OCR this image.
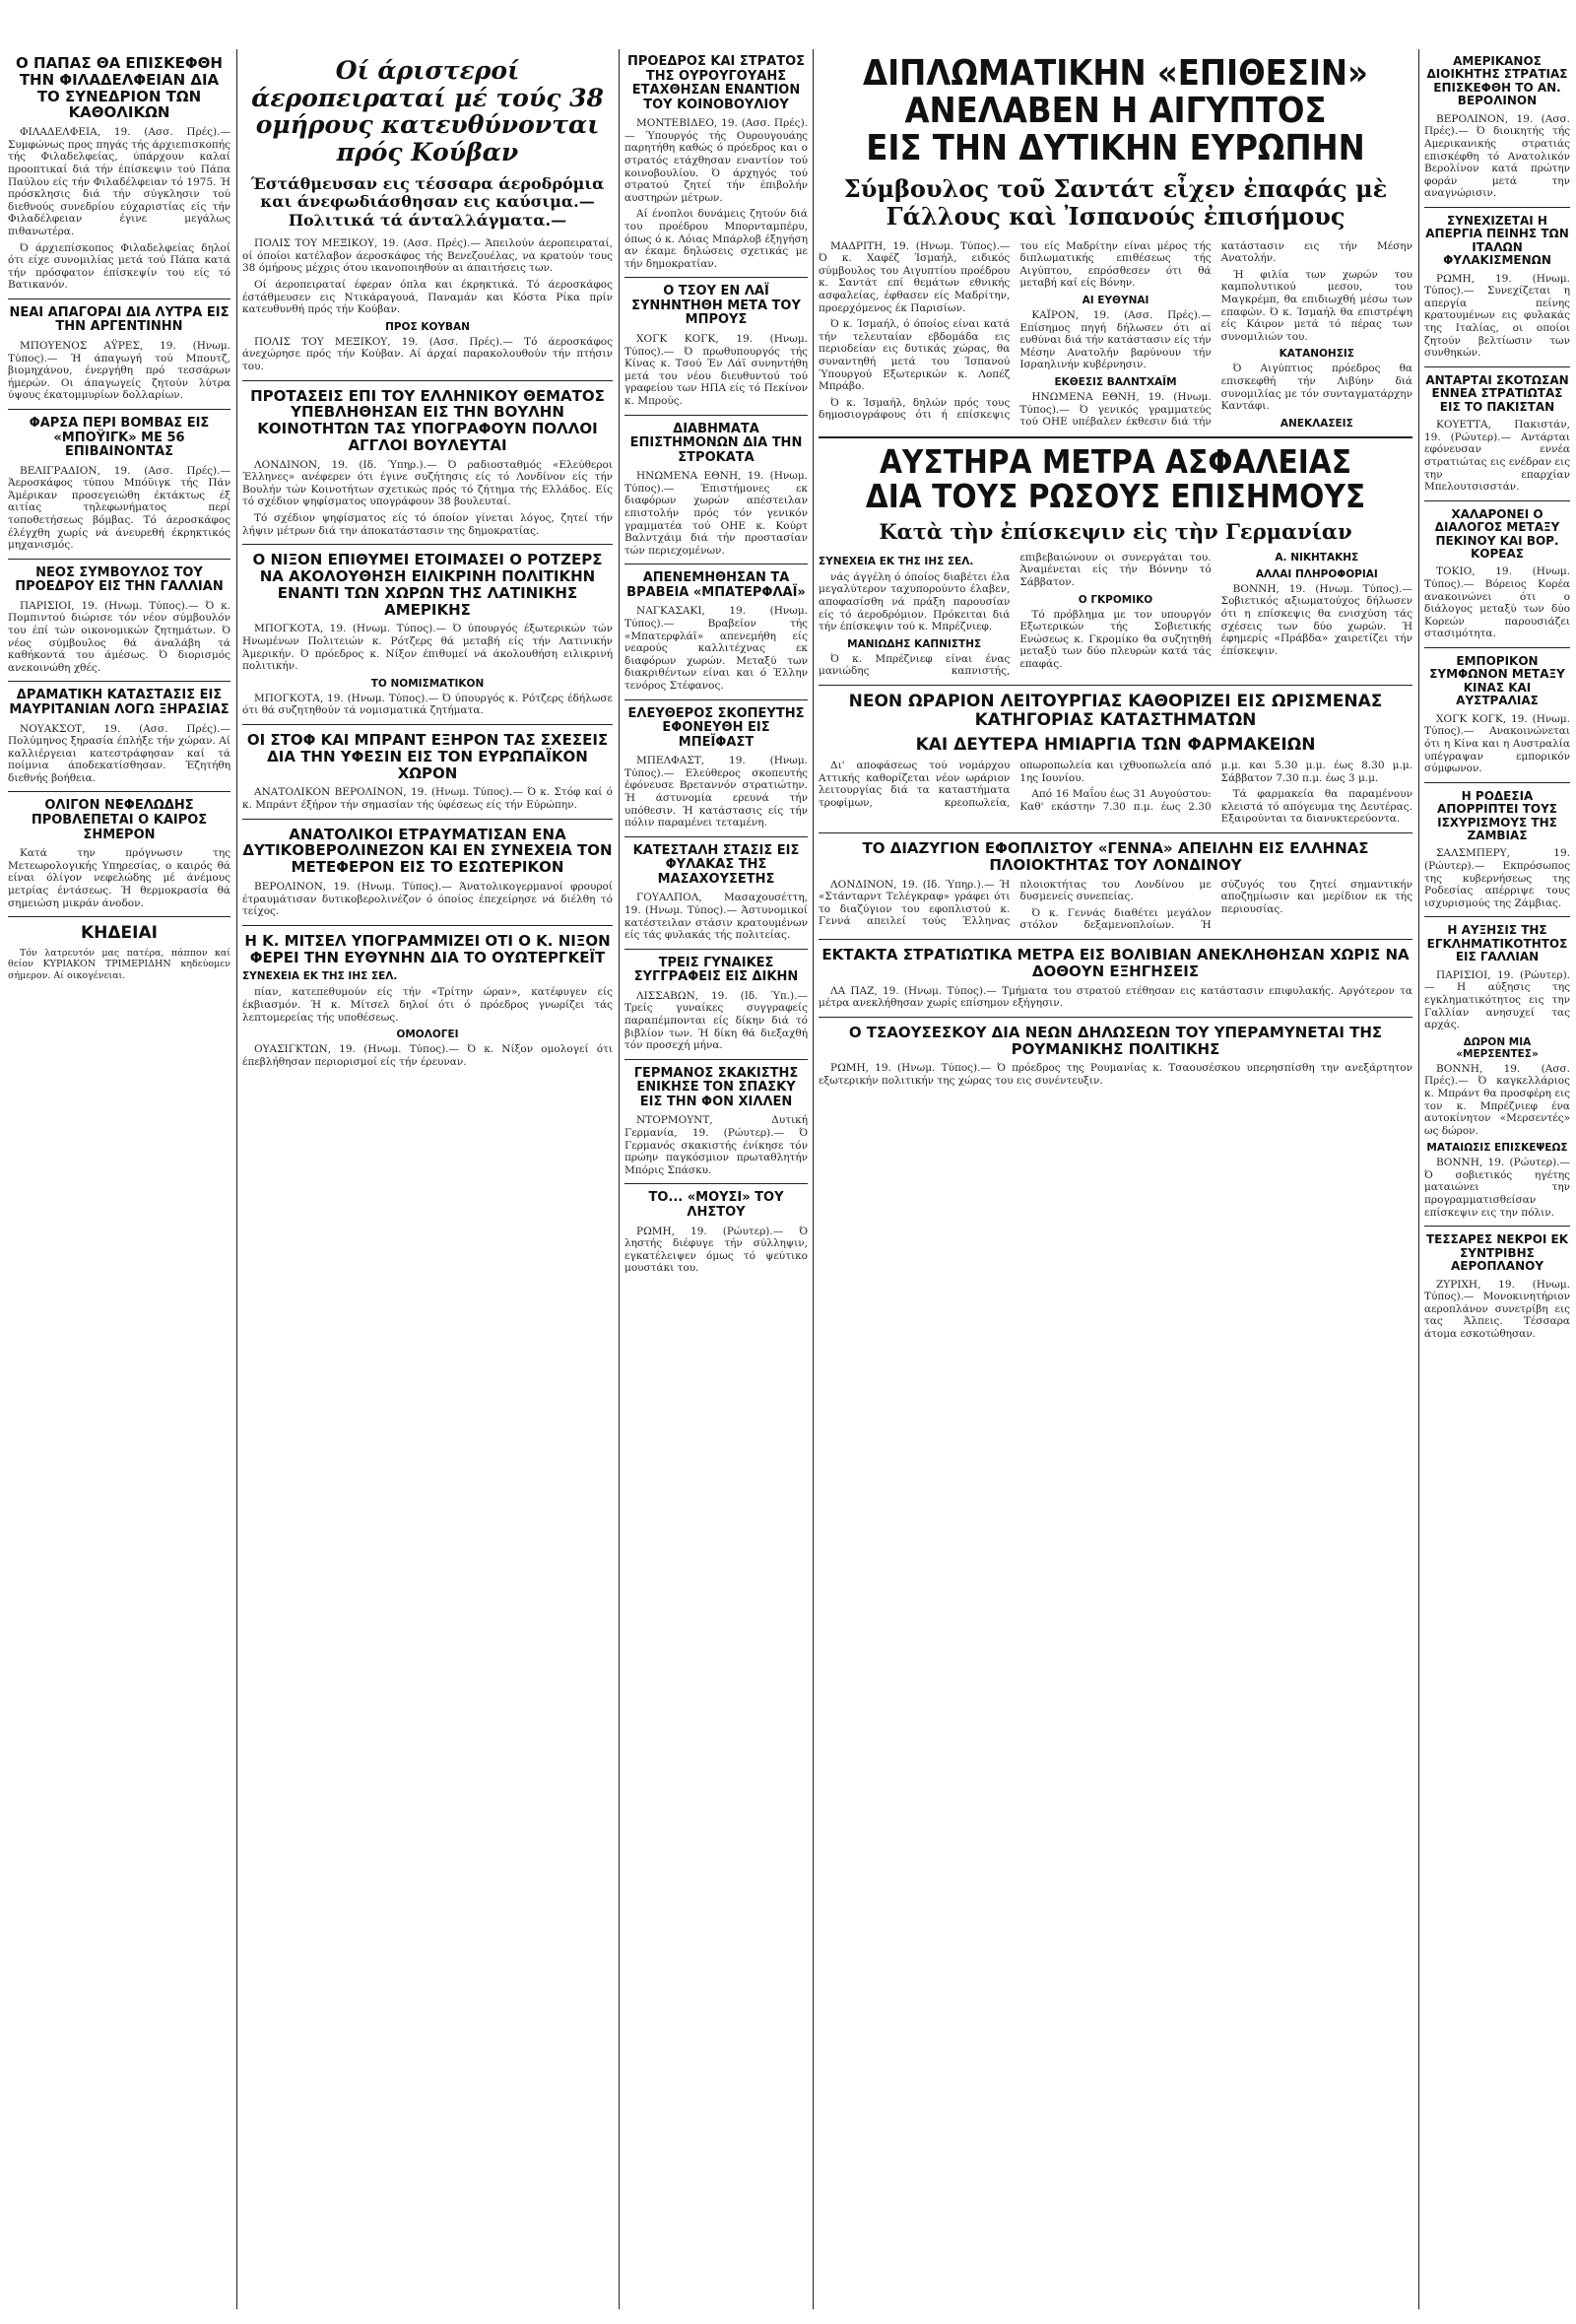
Ο ΠΑΠΑΣ ΘΑ ΕΠΙΣΚΕΦΘΗ ΤΗΝ ΦΙΛΑΔΕΛΦΕΙΑΝ ΔΙΑ ΤΟ ΣΥΝΕΔΡΙΟΝ ΤΩΝ ΚΑΘΟΛΙΚΩΝ

ΦΙΛΑΔΕΛΦΕΙΑ, 19. (Ασσ. Πρές).— Συμφώνως προς πηγάς τής άρχιεπισκοπής τής Φιλαδελφείας, ύπάρχουν καλαί προοπτικαί διά τήν έπίσκεψιν τού Πάπα Παύλου είς τήν Φιλαδέλφειαν τό 1975. Ή πρόσκλησις διά τήν σύγκλησιν τού διεθνούς συνεδρίου εύχαριστίας είς τήν Φιλαδέλφειαν έγινε μεγάλως πιθανωτέρα.

Ό άρχιεπίσκοπος Φιλαδελφείας δηλοί ότι είχε συνομιλίας μετά τού Πάπα κατά τήν πρόσφατον έπίσκεψίν του είς τό Βατικανόν.

ΝΕΑΙ ΑΠΑΓΟΡΑΙ ΔΙΑ ΛΥΤΡΑ ΕΙΣ ΤΗΝ ΑΡΓΕΝΤΙΝΗΝ

ΜΠΟΥΕΝΟΣ ΑΫΡΕΣ, 19. (Ηνωμ. Τύπος).— Ή άπαγωγή τού Μπουτζ, βιομηχάνου, ένεργήθη πρό τεσσάρων ήμερών. Οι άπαγωγείς ζητούν λύτρα ύψους έκατομμυρίων δολλαρίων.

ΦΑΡΣΑ ΠΕΡΙ ΒΟΜΒΑΣ ΕΙΣ «ΜΠΟΫΙΓΚ» ΜΕ 56 ΕΠΙΒΑΙΝΟΝΤΑΣ

ΒΕΛΙΓΡΑΔΙΟΝ, 19. (Ασσ. Πρές).— Άεροσκάφος τύπου Μπόϋιγκ τής Πάν Άμέρικαν προσεγειώθη έκτάκτως έξ αιτίας τηλεφωνήματος περί τοποθετήσεως βόμβας. Τό άεροσκάφος έλέγχθη χωρίς νά άνευρεθή έκρηκτικός μηχανισμός.

ΝΕΟΣ ΣΥΜΒΟΥΛΟΣ ΤΟΥ ΠΡΟΕΔΡΟΥ ΕΙΣ ΤΗΝ ΓΑΛΛΙΑΝ

ΠΑΡΙΣΙΟΙ, 19. (Ηνωμ. Τύπος).— Ό κ. Πομπιντού διώρισε τόν νέον σύμβουλόν του έπί τών οικονομικών ζητημάτων. Ό νέος σύμβουλος θά άναλάβη τά καθήκοντά του άμέσως. Ό διορισμός ανεκοινώθη χθές.

ΔΡΑΜΑΤΙΚΗ ΚΑΤΑΣΤΑΣΙΣ ΕΙΣ ΜΑΥΡΙΤΑΝΙΑΝ ΛΟΓΩ ΞΗΡΑΣΙΑΣ

ΝΟΥΑΚΣΟΤ, 19. (Ασσ. Πρές).— Πολύμηνος ξηρασία έπλήξε τήν χώραν. Αί καλλιέργειαι κατεστράφησαν καί τά ποίμνια άποδεκατίσθησαν. Έζητήθη διεθνής βοήθεια.

ΟΛΙΓΟΝ ΝΕΦΕΛΩΔΗΣ ΠΡΟΒΛΕΠΕΤΑΙ Ο ΚΑΙΡΟΣ ΣΗΜΕΡΟΝ

Κατά την πρόγνωσιν της Μετεωρολογικής Υπηρεσίας, ο καιρός θά είναι όλίγον νεφελώδης μέ άνέμους μετρίας έντάσεως. Ή θερμοκρασία θά σημειώση μικράν άνοδον.

ΚΗΔΕΙΑΙ

Τόν λατρευτόν μας πατέρα, πάππον καί θείον ΚΥΡΙΑΚΟΝ ΤΡΙΜΕΡΙΔΗΝ κηδεύομεν σήμερον. Αί οικογένειαι.

Οί άριστεροί άεροπειραταί μέ τούς 38 ομήρους κατευθύνονται πρός Κούβαν
Έστάθμευσαν εις τέσσαρα άεροδρόμια και άνεφωδιάσθησαν εις καύσιμα.— Πολιτικά τά άνταλλάγματα.—

ΠΟΛΙΣ ΤΟΥ ΜΕΞΙΚΟΥ, 19. (Ασσ. Πρές).— Άπειλούν άεροπειραταί, οί όποίοι κατέλαβον άεροσκάφος τής Βενεζουέλας, να κρατούν τους 38 όμήρους μέχρις ότου ικανοποιηθούν αι άπαιτήσεις των.

Οί άεροπειραταί έφεραν όπλα και έκρηκτικά. Τό άεροσκάφος έστάθμευσεν εις Ντικάραγουά, Παναμάν και Κόστα Ρίκα πρίν κατευθυνθή πρός τήν Κούβαν.

ΠΡΟΣ ΚΟΥΒΑΝ

ΠΟΛΙΣ ΤΟΥ ΜΕΞΙΚΟΥ, 19. (Ασσ. Πρές).— Τό άεροσκάφος άνεχώρησε πρός τήν Κούβαν. Αί άρχαί παρακολουθούν τήν πτήσιν του.

ΠΡΟΤΑΣΕΙΣ ΕΠΙ ΤΟΥ ΕΛΛΗΝΙΚΟΥ ΘΕΜΑΤΟΣ ΥΠΕΒΛΗΘΗΣΑΝ ΕΙΣ ΤΗΝ ΒΟΥΛΗΝ ΚΟΙΝΟΤΗΤΩΝ ΤΑΣ ΥΠΟΓΡΑΦΟΥΝ ΠΟΛΛΟΙ ΑΓΓΛΟΙ ΒΟΥΛΕΥΤΑΙ

ΛΟΝΔΙΝΟΝ, 19. (Ιδ. Ύπηρ.).— Ό ραδιοσταθμός «Ελεύθεροι Έλληνες» ανέφερεν ότι έγινε συζήτησις είς τό Λονδίνον είς τήν Βουλήν τών Κοινοτήτων σχετικώς πρός τό ζήτημα τής Ελλάδος. Είς τό σχέδιον ψηφίσματος υπογράφουν 38 βουλευταί.

Τό σχέδιον ψηφίσματος είς τό όποίον γίνεται λόγος, ζητεί τήν λήψιν μέτρων διά την άποκατάστασιν της δημοκρατίας.

Ο ΝΙΞΟΝ ΕΠΙΘΥΜΕΙ ΕΤΟΙΜΑΣΕΙ Ο ΡΟΤΖΕΡΣ ΝΑ ΑΚΟΛΟΥΘΗΣΗ ΕΙΛΙΚΡΙΝΗ ΠΟΛΙΤΙΚΗΝ ΕΝΑΝΤΙ ΤΩΝ ΧΩΡΩΝ ΤΗΣ ΛΑΤΙΝΙΚΗΣ ΑΜΕΡΙΚΗΣ

ΜΠΟΓΚΟΤΑ, 19. (Ηνωμ. Τύπος).— Ό ύπουργός έξωτερικών τών Ηνωμένων Πολιτειών κ. Ρότζερς θά μεταβή είς τήν Λατινικήν Άμερικήν. Ό πρόεδρος κ. Νίξον έπιθυμεί νά άκολουθήση ειλικρινή πολιτικήν.

ΤΟ ΝΟΜΙΣΜΑΤΙΚΟΝ

ΜΠΟΓΚΟΤΑ, 19. (Ηνωμ. Τύπος).— Ό ύπουργός κ. Ρότζερς έδήλωσε ότι θά συζητηθούν τά νομισματικά ζητήματα.

ΟΙ ΣΤΟΦ ΚΑΙ ΜΠΡΑΝΤ ΕΞΗΡΟΝ ΤΑΣ ΣΧΕΣΕΙΣ ΔΙΑ ΤΗΝ ΥΦΕΣΙΝ ΕΙΣ ΤΟΝ ΕΥΡΩΠΑΪΚΟΝ ΧΩΡΟΝ

ΑΝΑΤΟΛΙΚΟΝ ΒΕΡΟΛΙΝΟΝ, 19. (Ηνωμ. Τύπος).— Ό κ. Στόφ καί ό κ. Μπράντ έξήρον τήν σημασίαν τής ύφέσεως είς τήν Εύρώπην.

ΑΝΑΤΟΛΙΚΟΙ ΕΤΡΑΥΜΑΤΙΣΑΝ ΕΝΑ ΔΥΤΙΚΟΒΕΡΟΛΙΝΕΖΟΝ ΚΑΙ ΕΝ ΣΥΝΕΧΕΙΑ ΤΟΝ ΜΕΤΕΦΕΡΟΝ ΕΙΣ ΤΟ ΕΣΩΤΕΡΙΚΟΝ

ΒΕΡΟΛΙΝΟΝ, 19. (Ηνωμ. Τύπος).— Άνατολικογερμανοί φρουροί έτραυμάτισαν δυτικοβερολινέζον ό όποίος έπεχείρησε νά διέλθη τό τείχος.

Η Κ. ΜΙΤΣΕΛ ΥΠΟΓΡΑΜΜΙΖΕΙ ΟΤΙ Ο Κ. ΝΙΞΟΝ ΦΕΡΕΙ ΤΗΝ ΕΥΘΥΝΗΝ ΔΙΑ ΤΟ ΟΥΩΤΕΡΓΚΕΪΤ
ΣΥΝΕΧΕΙΑ ΕΚ ΤΗΣ ΙΗΣ ΣΕΛ.

πίαν, κατεπεθυμούν είς τήν «Τρίτην ώραν», κατέφυγεν είς έκβιασμόν. Ή κ. Μίτσελ δηλοί ότι ό πρόεδρος γνωρίζει τάς λεπτομερείας τής υποθέσεως.

ΟΜΟΛΟΓΕΙ

ΟΥΑΣΙΓΚΤΩΝ, 19. (Ηνωμ. Τύπος).— Ό κ. Νίξον ομολογεί ότι έπεβλήθησαν περιορισμοί είς τήν έρευναν.

ΠΡΟΕΔΡΟΣ ΚΑΙ ΣΤΡΑΤΟΣ ΤΗΣ ΟΥΡΟΥΓΟΥΑΗΣ ΕΤΑΧΘΗΣΑΝ ΕΝΑΝΤΙΟΝ ΤΟΥ ΚΟΙΝΟΒΟΥΛΙΟΥ

ΜΟΝΤΕΒΙΔΕΟ, 19. (Ασσ. Πρές).— Ύπουργός τής Ουρουγουάης παρητήθη καθώς ό πρόεδρος και ο στρατός ετάχθησαν εναντίον τού κοινοβουλίου. Ό άρχηγός τού στρατού ζητεί τήν έπιβολήν αυστηρών μέτρων.

Αί ένοπλοι δυνάμεις ζητούν διά του προέδρου Μπορνταμπέρυ, όπως ό κ. Λόιας Μπάρλοβ έξηγήση αν έκαμε δηλώσεις σχετικάς με τήν δημοκρατίαν.

Ο ΤΣΟΥ ΕΝ ΛΑΪ ΣΥΝΗΝΤΗΘΗ ΜΕΤΑ ΤΟΥ ΜΠΡΟΥΣ

ΧΟΓΚ ΚΟΓΚ, 19. (Ηνωμ. Τύπος).— Ό πρωθυπουργός τής Κίνας κ. Τσού Έν Λάϊ συνηντήθη μετά του νέου διευθυντού τού γραφείου των ΗΠΑ είς τό Πεκίνον κ. Μπρούς.

ΔΙΑΒΗΜΑΤΑ ΕΠΙΣΤΗΜΟΝΩΝ ΔΙΑ ΤΗΝ ΣΤΡΟΚΑΤΑ

ΗΝΩΜΕΝΑ ΕΘΝΗ, 19. (Ηνωμ. Τύπος).— Έπιστήμονες εκ διαφόρων χωρών απέστειλαν επιστολήν πρός τόν γενικόν γραμματέα τού ΟΗΕ κ. Κούρτ Βαλντχάιμ διά τήν προστασίαν τών περιεχομένων.

ΑΠΕΝΕΜΗΘΗΣΑΝ ΤΑ ΒΡΑΒΕΙΑ «ΜΠΑΤΕΡΦΛΑΪ»

ΝΑΓΚΑΣΑΚΙ, 19. (Ηνωμ. Τύπος).— Βραβείον τής «Μπατερφλάϊ» απενεμήθη είς νεαρούς καλλιτέχνας εκ διαφόρων χωρών. Μεταξύ των διακριθέντων είναι και ό Έλλην τενόρος Στέφανος.

ΕΛΕΥΘΕΡΟΣ ΣΚΟΠΕΥΤΗΣ ΕΦΟΝΕΥΘΗ ΕΙΣ ΜΠΕΪΦΑΣΤ

ΜΠΕΛΦΑΣΤ, 19. (Ηνωμ. Τύπος).— Ελεύθερος σκοπευτής έφόνευσε Βρεταννόν στρατιώτην. Ή άστυνομία ερευνά τήν υπόθεσιν. Ή κατάστασις είς τήν πόλιν παραμένει τεταμένη.

ΚΑΤΕΣΤΑΛΗ ΣΤΑΣΙΣ ΕΙΣ ΦΥΛΑΚΑΣ ΤΗΣ ΜΑΣΑΧΟΥΣΕΤΗΣ

ΓΟΥΑΛΠΟΛ, Μασαχουσέττη, 19. (Ηνωμ. Τύπος).— Άστυνομικοί κατέστειλαν στάσιν κρατουμένων είς τάς φυλακάς τής πολιτείας.

ΤΡΕΙΣ ΓΥΝΑΙΚΕΣ ΣΥΓΓΡΑΦΕΙΣ ΕΙΣ ΔΙΚΗΝ

ΛΙΣΣΑΒΩΝ, 19. (Ιδ. Ύπ.).— Τρείς γυναίκες συγγραφείς παραπέμπονται είς δίκην διά τό βιβλίον των. Ή δίκη θά διεξαχθή τόν προσεχή μήνα.

ΓΕΡΜΑΝΟΣ ΣΚΑΚΙΣΤΗΣ ΕΝΙΚΗΣΕ ΤΟΝ ΣΠΑΣΚΥ ΕΙΣ ΤΗΝ ΦΟΝ ΧΙΛΛΕΝ

ΝΤΟΡΜΟΥΝΤ, Δυτική Γερμανία, 19. (Ρώυτερ).— Ό Γερμανός σκακιστής ένίκησε τόν πρώην παγκόσμιον πρωταθλητήν Μπόρις Σπάσκυ.

ΤΟ... «ΜΟΥΣΙ» ΤΟΥ ΛΗΣΤΟΥ

ΡΩΜΗ, 19. (Ρώυτερ).— Ό ληστής διέφυγε τήν σύλληψιν, εγκατέλειψεν όμως τό ψεύτικο μουστάκι του.

ΔΙΠΛΩΜΑΤΙΚΗΝ «ΕΠΙΘΕΣΙΝ»
ΑΝΕΛΑΒΕΝ Η ΑΙΓΥΠΤΟΣ
ΕΙΣ ΤΗΝ ΔΥΤΙΚΗΝ ΕΥΡΩΠΗΝ
Σύμβουλος τοῦ Σαντάτ εἶχεν ἐπαφάς μὲ Γάλλους καὶ Ἰσπανούς ἐπισήμους

ΜΑΔΡΙΤΗ, 19. (Ηνωμ. Τύπος).— Ό κ. Χαφέζ Ίσμαήλ, ειδικός σύμβουλος του Αιγυπτίου προέδρου κ. Σαντάτ επί θεμάτων εθνικής ασφαλείας, έφθασεν είς Μαδρίτην, προερχόμενος έκ Παρισίων.

Ό κ. Ίσμαήλ, ό όποίος είναι κατά τήν τελευταίαν εβδομάδα εις περιοδείαν εις δυτικάς χώρας, θα συναντηθή μετά του Ίσπανού Ύπουργού Εξωτερικών κ. Λοπέζ Μπράβο.

Ό κ. Ίσμαήλ, δηλών πρός τους δημοσιογράφους ότι ή επίσκεψις του είς Μαδρίτην είναι μέρος τής διπλωματικής επιθέσεως τής Αιγύπτου, επρόσθεσεν ότι θά μεταβή καί είς Βόνην.

ΑΙ ΕΥΘΥΝΑΙ

ΚΑΪΡΟΝ, 19. (Ασσ. Πρές).— Επίσημος πηγή δήλωσεν ότι αί ευθύναι διά τήν κατάστασιν είς τήν Μέσην Ανατολήν βαρύνουν τήν Ισραηλινήν κυβέρνησιν.

ΕΚΘΕΣΙΣ ΒΑΛΝΤΧΑΪΜ

ΗΝΩΜΕΝΑ ΕΘΝΗ, 19. (Ηνωμ. Τύπος).— Ό γενικός γραμματεύς τού ΟΗΕ υπέβαλεν έκθεσιν διά τήν κατάστασιν εις τήν Μέσην Ανατολήν.

Ή φιλία των χωρών του καμπολυτικού μεσου, του Μαγκρέμπ, θα επιδιωχθή μέσω των επαφών. Ό κ. Ίσμαήλ θα επιστρέψη είς Κάιρον μετά τό πέρας των συνομιλιών του.

ΚΑΤΑΝΟΗΣΙΣ

Ό Αιγύπτιος πρόεδρος θα επισκεφθή τήν Λιβύην διά συνομιλίας με τόν συνταγματάρχην Καντάφι.

ΑΝΕΚΛΑΣΕΙΣ
ΑΥΣΤΗΡΑ ΜΕΤΡΑ ΑΣΦΑΛΕΙΑΣ
ΔΙΑ ΤΟΥΣ ΡΩΣΟΥΣ ΕΠΙΣΗΜΟΥΣ
Κατὰ τὴν ἐπίσκεψιν εἰς τὴν Γερμανίαν
ΣΥΝΕΧΕΙΑ ΕΚ ΤΗΣ ΙΗΣ ΣΕΛ.

νάς άγγέλη ό όποίος διαβέτει έλα μεγαλύτερον ταχυπορούντο έλαβεν, αποφασίσθη νά πράξη παρουσίαν είς τό άεροδρόμιον. Πρόκειται διά τήν έπίσκεψιν τού κ. Μπρέζνιεφ.

ΜΑΝΙΩΔΗΣ ΚΑΠΝΙΣΤΗΣ

Ό κ. Μπρέζνιεφ είναι ένας μανιώδης καπνιστής, επιβεβαιώνουν οι συνεργάται του. Άναμένεται είς τήν Βόννην τό Σάββατον.

Ο ΓΚΡΟΜΙΚΟ

Τό πρόβλημα με τον υπουργόν Εξωτερικών τής Σοβιετικής Ενώσεως κ. Γκρομίκο θα συζητηθή μεταξύ των δύο πλευρών κατά τάς επαφάς.

Α. ΝΙΚΗΤΑΚΗΣ
ΑΛΛΑΙ ΠΛΗΡΟΦΟΡΙΑΙ

ΒΟΝΝΗ, 19. (Ηνωμ. Τύπος).— Σοβιετικός αξιωματούχος δήλωσεν ότι η επίσκεψις θα ενισχύση τάς σχέσεις των δύο χωρών. Ή έφημερίς «Πράβδα» χαιρετίζει τήν έπίσκεψιν.

ΝΕΟΝ ΩΡΑΡΙΟΝ ΛΕΙΤΟΥΡΓΙΑΣ ΚΑΘΟΡΙΖΕΙ ΕΙΣ ΩΡΙΣΜΕΝΑΣ ΚΑΤΗΓΟΡΙΑΣ ΚΑΤΑΣΤΗΜΑΤΩΝ
ΚΑΙ ΔΕΥΤΕΡΑ ΗΜΙΑΡΓΙΑ ΤΩΝ ΦΑΡΜΑΚΕΙΩΝ

Δι' αποφάσεως τού νομάρχου Αττικής καθορίζεται νέον ωράριον λειτουργίας διά τα καταστήματα τροφίμων, κρεοπωλεία, οπωροπωλεία και ιχθυοπωλεία από 1ης Ιουνίου.

Από 16 Μαΐου έως 31 Αυγούστου: Καθ' εκάστην 7.30 π.μ. έως 2.30 μ.μ. και 5.30 μ.μ. έως 8.30 μ.μ. Σάββατον 7.30 π.μ. έως 3 μ.μ.

Τά φαρμακεία θα παραμένουν κλειστά τό απόγευμα της Δευτέρας. Εξαιρούνται τα διανυκτερεύοντα.

ΤΟ ΔΙΑΖΥΓΙΟΝ ΕΦΟΠΛΙΣΤΟΥ «ΓΕΝΝΑ» ΑΠΕΙΛΗΝ ΕΙΣ ΕΛΛΗΝΑΣ ΠΛΟΙΟΚΤΗΤΑΣ ΤΟΥ ΛΟΝΔΙΝΟΥ

ΛΟΝΔΙΝΟΝ, 19. (Ιδ. Ύπηρ.).— Ή «Στάνταρντ Τελέγκραφ» γράφει ότι το διαζύγιον του εφοπλιστού κ. Γεννά απειλεί τούς Έλληνας πλοιοκτήτας του Λονδίνου με δυσμενείς συνεπείας.

Ό κ. Γεννάς διαθέτει μεγάλον στόλον δεξαμενοπλοίων. Ή σύζυγός του ζητεί σημαντικήν αποζημίωσιν και μερίδιον εκ τής περιουσίας.

ΕΚΤΑΚΤΑ ΣΤΡΑΤΙΩΤΙΚΑ ΜΕΤΡΑ ΕΙΣ ΒΟΛΙΒΙΑΝ ΑΝΕΚΛΗΘΗΣΑΝ ΧΩΡΙΣ ΝΑ ΔΟΘΟΥΝ ΕΞΗΓΗΣΕΙΣ

ΛΑ ΠΑΖ, 19. (Ηνωμ. Τύπος).— Τμήματα του στρατού ετέθησαν εις κατάστασιν επιφυλακής. Αργότερον τα μέτρα ανεκλήθησαν χωρίς επίσημον εξήγησιν.

Ο ΤΣΑΟΥΣΕΣΚΟΥ ΔΙΑ ΝΕΩΝ ΔΗΛΩΣΕΩΝ ΤΟΥ ΥΠΕΡΑΜΥΝΕΤΑΙ ΤΗΣ ΡΟΥΜΑΝΙΚΗΣ ΠΟΛΙΤΙΚΗΣ

ΡΩΜΗ, 19. (Ηνωμ. Τύπος).— Ό πρόεδρος της Ρουμανίας κ. Τσαουσέσκου υπερησπίσθη την ανεξάρτητον εξωτερικήν πολιτικήν της χώρας του εις συνέντευξιν.

ΑΜΕΡΙΚΑΝΟΣ ΔΙΟΙΚΗΤΗΣ ΣΤΡΑΤΙΑΣ ΕΠΙΣΚΕΦΘΗ ΤΟ ΑΝ. ΒΕΡΟΛΙΝΟΝ

ΒΕΡΟΛΙΝΟΝ, 19. (Ασσ. Πρές).— Ό διοικητής τής Αμερικανικής στρατιάς επισκέφθη τό Ανατολικόν Βερολίνον κατά πρώτην φοράν μετά την αναγνώρισιν.

ΣΥΝΕΧΙΖΕΤΑΙ Η ΑΠΕΡΓΙΑ ΠΕΙΝΗΣ ΤΩΝ ΙΤΑΛΩΝ ΦΥΛΑΚΙΣΜΕΝΩΝ

ΡΩΜΗ, 19. (Ηνωμ. Τύπος).— Συνεχίζεται η απεργία πείνης κρατουμένων εις φυλακάς της Ιταλίας, οι οποίοι ζητούν βελτίωσιν των συνθηκών.

ΑΝΤΑΡΤΑΙ ΣΚΟΤΩΣΑΝ ΕΝΝΕΑ ΣΤΡΑΤΙΩΤΑΣ ΕΙΣ ΤΟ ΠΑΚΙΣΤΑΝ

ΚΟΥΕΤΤΑ, Πακιστάν, 19. (Ρώυτερ).— Αντάρται εφόνευσαν εννέα στρατιώτας εις ενέδραν εις την επαρχίαν Μπελουτσισστάν.

ΧΑΛΑΡΟΝΕΙ Ο ΔΙΑΛΟΓΟΣ ΜΕΤΑΞΥ ΠΕΚΙΝΟΥ ΚΑΙ ΒΟΡ. ΚΟΡΕΑΣ

ΤΟΚΙΟ, 19. (Ηνωμ. Τύπος).— Βόρειος Κορέα ανακοινώνει ότι ο διάλογος μεταξύ των δύο Κορεών παρουσιάζει στασιμότητα.

ΕΜΠΟΡΙΚΟΝ ΣΥΜΦΩΝΟΝ ΜΕΤΑΞΥ ΚΙΝΑΣ ΚΑΙ ΑΥΣΤΡΑΛΙΑΣ

ΧΟΓΚ ΚΟΓΚ, 19. (Ηνωμ. Τύπος).— Ανακοινώνεται ότι η Κίνα και η Αυστραλία υπέγραψαν εμπορικόν σύμφωνον.

Η ΡΟΔΕΣΙΑ ΑΠΟΡΡΙΠΤΕΙ ΤΟΥΣ ΙΣΧΥΡΙΣΜΟΥΣ ΤΗΣ ΖΑΜΒΙΑΣ

ΣΑΛΣΜΠΕΡΥ, 19. (Ρώυτερ).— Εκπρόσωπος της κυβερνήσεως της Ροδεσίας απέρριψε τους ισχυρισμούς της Ζάμβιας.

Η ΑΥΞΗΣΙΣ ΤΗΣ ΕΓΚΛΗΜΑΤΙΚΟΤΗΤΟΣ ΕΙΣ ΓΑΛΛΙΑΝ

ΠΑΡΙΣΙΟΙ, 19. (Ρώυτερ).— Η αύξησις της εγκληματικότητος εις την Γαλλίαν ανησυχεί τας αρχάς.

ΔΩΡΟΝ ΜΙΑ «ΜΕΡΣΕΝΤΕΣ»

ΒΟΝΝΗ, 19. (Ασσ. Πρές).— Ό καγκελλάριος κ. Μπράντ θα προσφέρη εις τον κ. Μπρέζνιεφ ένα αυτοκίνητον «Μερσεντές» ως δώρον.

ΜΑΤΑΙΩΣΙΣ ΕΠΙΣΚΕΨΕΩΣ

ΒΟΝΝΗ, 19. (Ρώυτερ).— Ό σοβιετικός ηγέτης ματαιώνει την προγραμματισθείσαν επίσκεψιν εις την πόλιν.

ΤΕΣΣΑΡΕΣ ΝΕΚΡΟΙ ΕΚ ΣΥΝΤΡΙΒΗΣ ΑΕΡΟΠΛΑΝΟΥ

ΖΥΡΙΧΗ, 19. (Ηνωμ. Τύπος).— Μονοκινητήριον αεροπλάνον συνετρίβη εις τας Άλπεις. Τέσσαρα άτομα εσκοτώθησαν.
